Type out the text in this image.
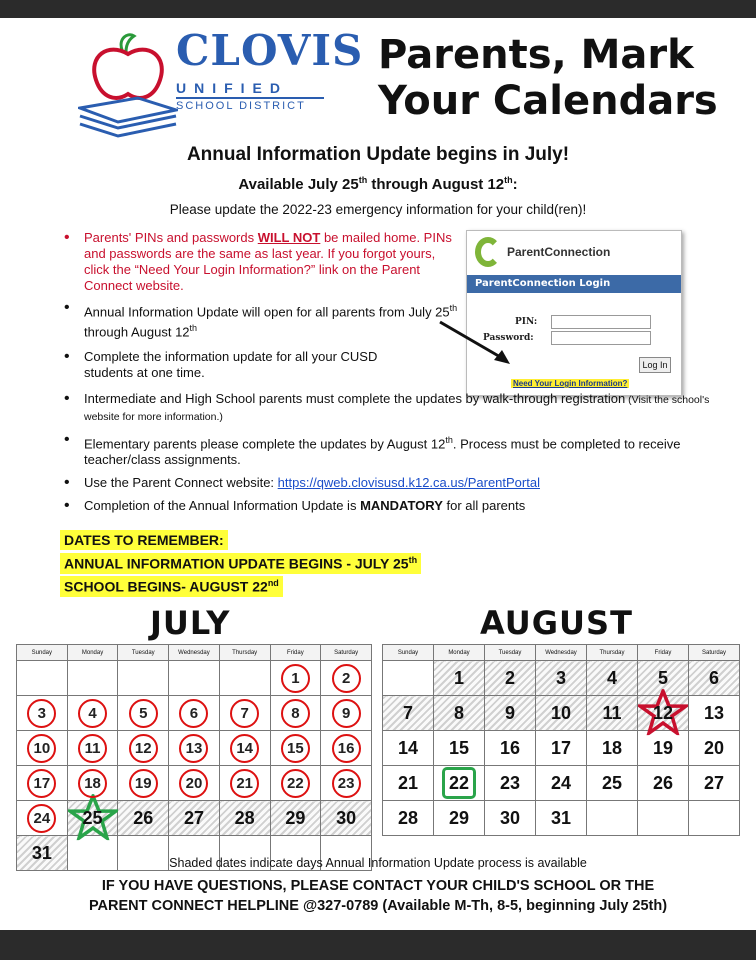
CLOVIS
UNIFIED
SCHOOL DISTRICT
Parents, Mark
Your Calendars
Annual Information Update begins in July!
Available July 25th through August 12th:
Please update the 2022-23 emergency information for your child(ren)!
• Parents' PINs and passwords WILL NOT be mailed home. PINs and passwords are the same as last year. If you forgot yours, click the “Need Your Login Information?” link on the Parent Connect website.
• Annual Information Update will open for all parents from July 25th through August 12th
• Complete the information update for all your CUSD students at one time.
ParentConnection
ParentConnection Login
PIN:
Password:
Log In
Need Your Login Information?
• Intermediate and High School parents must complete the updates by walk-through registration (Visit the school's website for more information.)
• Elementary parents please complete the updates by August 12th. Process must be completed to receive teacher/class assignments.
• Use the Parent Connect website: https://qweb.clovisusd.k12.ca.us/ParentPortal
• Completion of the Annual Information Update is MANDATORY for all parents
DATES TO REMEMBER:
ANNUAL INFORMATION UPDATE BEGINS - JULY 25th
SCHOOL BEGINS- AUGUST 22nd
JULY	AUGUST
Sunday	Monday	Tuesday	Wednesday	Thursday	Friday	Saturday
					1	2
3	4	5	6	7	8	9
10	11	12	13	14	15	16
17	18	19	20	21	22	23
24	25	26	27	28	29	30
31						
Sunday	Monday	Tuesday	Wednesday	Thursday	Friday	Saturday
	1	2	3	4	5	6
7	8	9	10	11	12	13
14	15	16	17	18	19	20
21	22	23	24	25	26	27
28	29	30	31			
Shaded dates indicate days Annual Information Update process is available
IF YOU HAVE QUESTIONS, PLEASE CONTACT YOUR CHILD'S SCHOOL OR THE
PARENT CONNECT HELPLINE @327-0789 (Available M-Th, 8-5, beginning July 25th)
